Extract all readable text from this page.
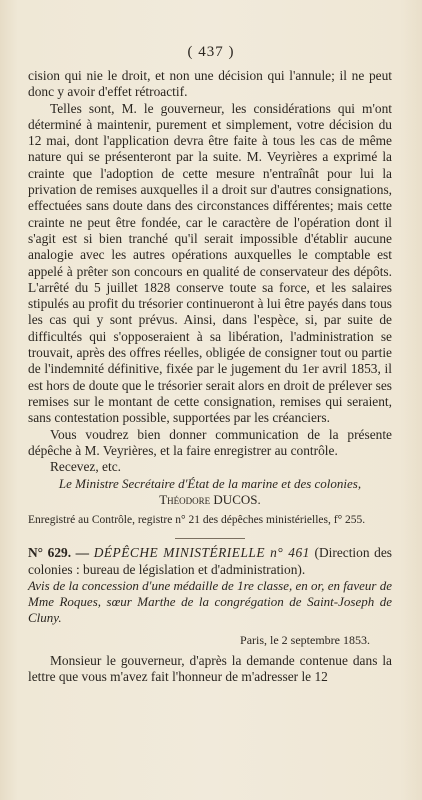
( 437 )

cision qui nie le droit, et non une décision qui l'annule; il ne peut donc y avoir d'effet rétroactif.

Telles sont, M. le gouverneur, les considérations qui m'ont déterminé à maintenir, purement et simplement, votre décision du 12 mai, dont l'application devra être faite à tous les cas de même nature qui se présenteront par la suite. M. Veyrières a exprimé la crainte que l'adoption de cette mesure n'entraînât pour lui la privation de remises auxquelles il a droit sur d'autres consignations, effectuées sans doute dans des circonstances différentes; mais cette crainte ne peut être fondée, car le caractère de l'opération dont il s'agit est si bien tranché qu'il serait impossible d'établir aucune analogie avec les autres opérations auxquelles le comptable est appelé à prêter son concours en qualité de conservateur des dépôts. L'arrêté du 5 juillet 1828 conserve toute sa force, et les salaires stipulés au profit du trésorier continueront à lui être payés dans tous les cas qui y sont prévus. Ainsi, dans l'espèce, si, par suite de difficultés qui s'opposeraient à sa libération, l'administration se trouvait, après des offres réelles, obligée de consigner tout ou partie de l'indemnité définitive, fixée par le jugement du 1er avril 1853, il est hors de doute que le trésorier serait alors en droit de prélever ses remises sur le montant de cette consignation, remises qui seraient, sans contestation possible, supportées par les créanciers.

Vous voudrez bien donner communication de la présente dépêche à M. Veyrières, et la faire enregistrer au contrôle.

Recevez, etc.

Le Ministre Secrétaire d'État de la marine et des colonies,
Théodore DUCOS.
Enregistré au Contrôle, registre n° 21 des dépêches ministérielles, f° 255.

N° 629. — DÉPÊCHE MINISTÉRIELLE n° 461 (Direction des colonies : bureau de législation et d'administration).

Avis de la concession d'une médaille de 1re classe, en or, en faveur de Mme Roques, sœur Marthe de la congrégation de Saint-Joseph de Cluny.

Paris, le 2 septembre 1853.

Monsieur le gouverneur, d'après la demande contenue dans la lettre que vous m'avez fait l'honneur de m'adresser le 12
